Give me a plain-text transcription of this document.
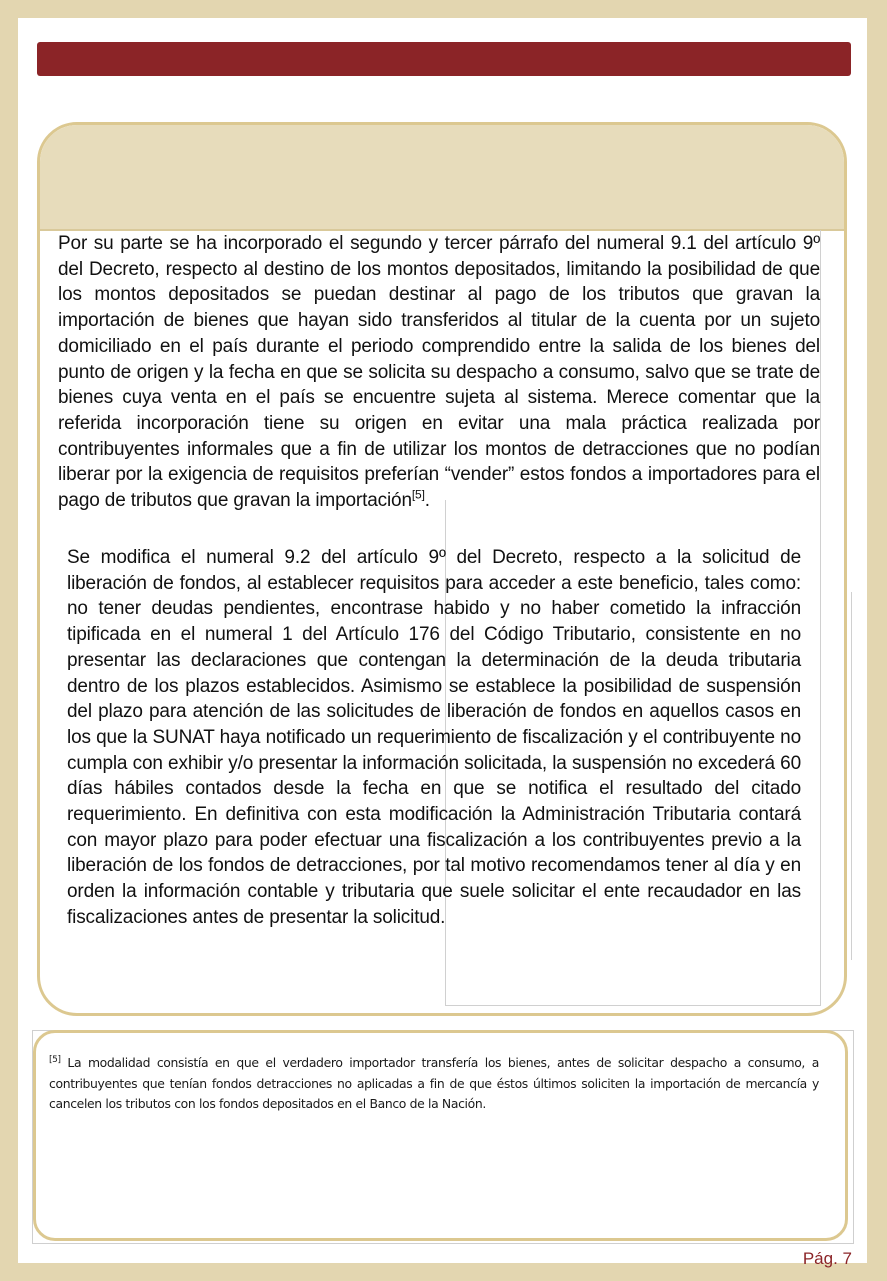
Por su parte se ha incorporado el segundo y tercer párrafo del numeral 9.1 del artículo 9º del Decreto, respecto al destino de los montos depositados, limitando la posibilidad de que los montos depositados se puedan destinar al pago de los tributos que gravan la importación de bienes que hayan sido transferidos al titular de la cuenta por un sujeto domiciliado en el país durante el periodo comprendido entre la salida de los bienes del punto de origen y la fecha en que se solicita su despacho a consumo, salvo que se trate de bienes cuya venta en el país se encuentre sujeta al sistema. Merece comentar que la referida incorporación tiene su origen en evitar una mala práctica realizada por contribuyentes informales que a fin de utilizar los montos de detracciones que no podían liberar por la exigencia de requisitos preferían “vender” estos fondos a importadores para el pago de tributos que gravan la importación[5].

Se modifica el numeral 9.2 del artículo 9º del Decreto, respecto a la solicitud de liberación de fondos, al establecer requisitos para acceder a este beneficio, tales como: no tener deudas pendientes, encontrase habido y no haber cometido la infracción tipificada en el numeral 1 del Artículo 176 del Código Tributario, consistente en no presentar las declaraciones que contengan la determinación de la deuda tributaria dentro de los plazos establecidos. Asimismo se establece la posibilidad de suspensión del plazo para atención de las solicitudes de liberación de fondos en aquellos casos en los que la SUNAT haya notificado un requerimiento de fiscalización y el contribuyente no cumpla con exhibir y/o presentar la información solicitada, la suspensión no excederá 60 días hábiles contados desde la fecha en que se notifica el resultado del citado requerimiento. En definitiva con esta modificación la Administración Tributaria contará con mayor plazo para poder efectuar una fiscalización a los contribuyentes previo a la liberación de los fondos de detracciones, por tal motivo recomendamos tener al día y en orden la información contable y tributaria que suele solicitar el ente recaudador en las fiscalizaciones antes de presentar la solicitud.

[5] La modalidad consistía en que el verdadero importador transfería los bienes, antes de solicitar despacho a consumo, a contribuyentes que tenían fondos detracciones no aplicadas a fin de que éstos últimos soliciten la importación de mercancía y cancelen los tributos con los fondos depositados en el Banco de la Nación.

Pág. 7
